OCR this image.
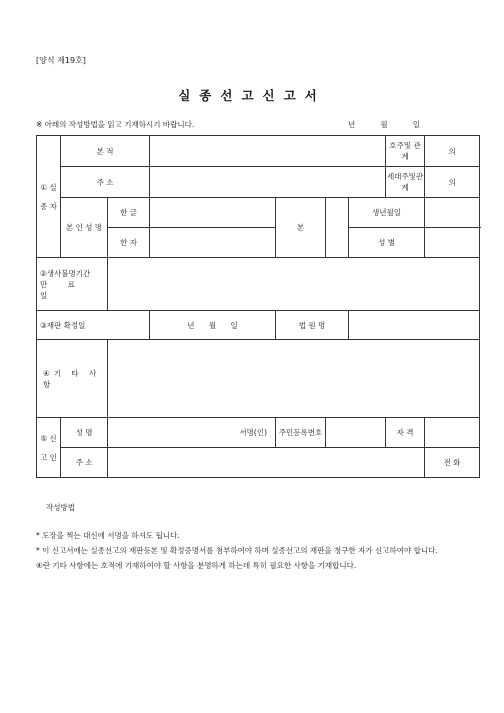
[양식 제19호]
실종선고신고서
※ 아래의 작성방법을 읽고 기재하시기 바랍니다.	년	월	일
① 실 종 자	본 적						호주및 관계	의	
	주 소						세대주및관계	의	
	본 인 성 명	한 글		본		생년월일			
		한 자				성 별			

②생사불명기간
만 료 일									

③재판 확정일			년 월 일	법 원 명					
④기 타 사 항									
⑤ 신 고 인	성 명	서명(인)		주민등록번호			자 격		
	주 소							전 화	
작성방법
* 도장을 찍는 대신에 서명을 하셔도 됩니다.
* 이 신고서에는 실종선고의 재판등본 및 확정증명서를 첨부하여야 하며 실종선고의 재판을 청구한 자가 신고하여야 합니다.
④란 기타 사항에는 호적에 기재하여야 할 사항을 분명하게 하는데 특히 필요한 사항을 기재합니다.
